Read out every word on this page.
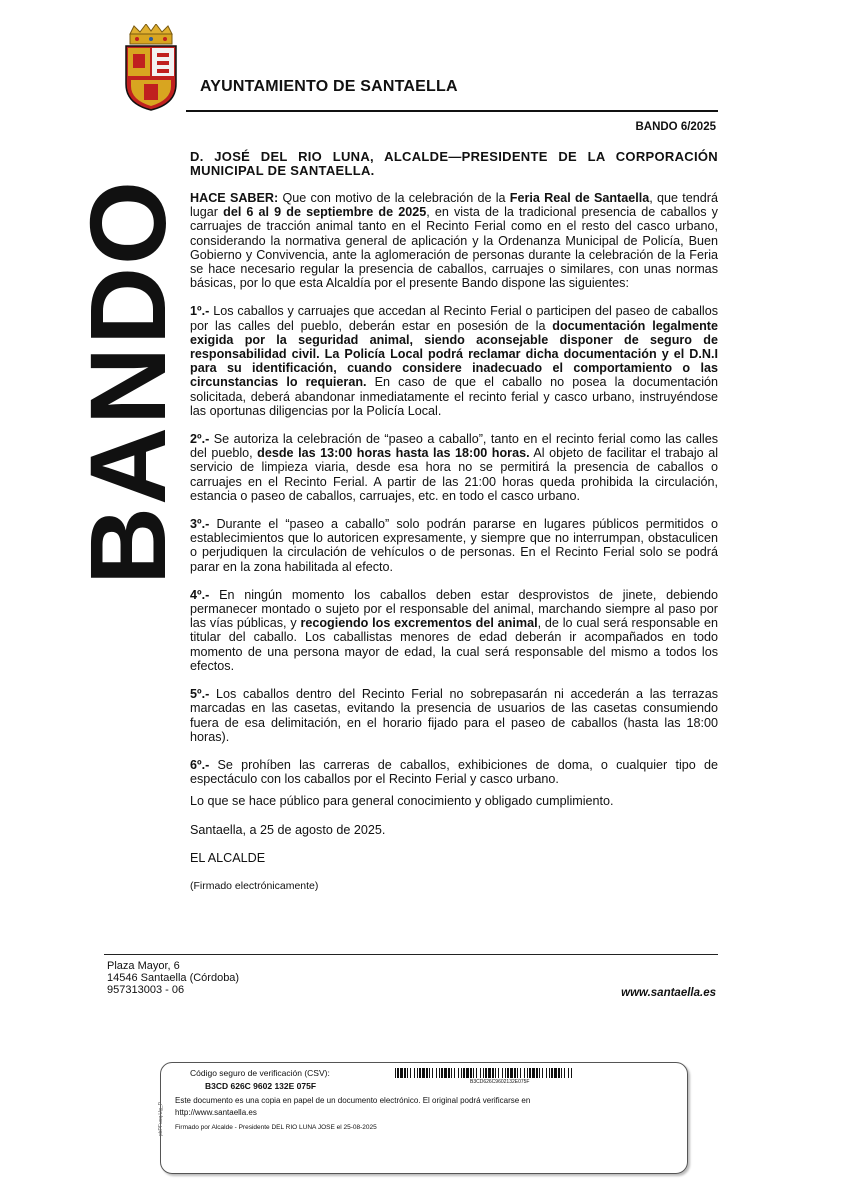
AYUNTAMIENTO DE SANTAELLA
BANDO 6/2025
BANDO

D. JOSÉ DEL RIO LUNA, ALCALDE—PRESIDENTE DE LA CORPORACIÓN MUNICIPAL DE SANTAELLA.

HACE SABER: Que con motivo de la celebración de la Feria Real de Santaella, que tendrá lugar del 6 al 9 de septiembre de 2025, en vista de la tradicional presencia de caballos y carruajes de tracción animal tanto en el Recinto Ferial como en el resto del casco urbano, considerando la normativa general de aplicación y la Ordenanza Municipal de Policía, Buen Gobierno y Convivencia, ante la aglomeración de personas durante la celebración de la Feria se hace necesario regular la presencia de caballos, carruajes o similares, con unas normas básicas, por lo que esta Alcaldía por el presente Bando dispone las siguientes:

1º.- Los caballos y carruajes que accedan al Recinto Ferial o participen del paseo de caballos por las calles del pueblo, deberán estar en posesión de la documentación legalmente exigida por la seguridad animal, siendo aconsejable disponer de seguro de responsabilidad civil. La Policía Local podrá reclamar dicha documentación y el D.N.I para su identificación, cuando considere inadecuado el comportamiento o las circunstancias lo requieran. En caso de que el caballo no posea la documentación solicitada, deberá abandonar inmediatamente el recinto ferial y casco urbano, instruyéndose las oportunas diligencias por la Policía Local.

2º.- Se autoriza la celebración de “paseo a caballo”, tanto en el recinto ferial como las calles del pueblo, desde las 13:00 horas hasta las 18:00 horas. Al objeto de facilitar el trabajo al servicio de limpieza viaria, desde esa hora no se permitirá la presencia de caballos o carruajes en el Recinto Ferial. A partir de las 21:00 horas queda prohibida la circulación, estancia o paseo de caballos, carruajes, etc. en todo el casco urbano.

3º.- Durante el “paseo a caballo” solo podrán pararse en lugares públicos permitidos o establecimientos que lo autoricen expresamente, y siempre que no interrumpan, obstaculicen o perjudiquen la circulación de vehículos o de personas. En el Recinto Ferial solo se podrá parar en la zona habilitada al efecto.

4º.- En ningún momento los caballos deben estar desprovistos de jinete, debiendo permanecer montado o sujeto por el responsable del animal, marchando siempre al paso por las vías públicas, y recogiendo los excrementos del animal, de lo cual será responsable en titular del caballo. Los caballistas menores de edad deberán ir acompañados en todo momento de una persona mayor de edad, la cual será responsable del mismo a todos los efectos.

5º.- Los caballos dentro del Recinto Ferial no sobrepasarán ni accederán a las terrazas marcadas en las casetas, evitando la presencia de usuarios de las casetas consumiendo fuera de esa delimitación, en el horario fijado para el paseo de caballos (hasta las 18:00 horas).

6º.- Se prohíben las carreras de caballos, exhibiciones de doma, o cualquier tipo de espectáculo con los caballos por el Recinto Ferial y casco urbano.

Lo que se hace público para general conocimiento y obligado cumplimiento.

Santaella, a 25 de agosto de 2025.

EL ALCALDE

(Firmado electrónicamente)

Plaza Mayor, 6
14546 Santaella (Córdoba)
957313003 - 06	www.santaella.es
Código seguro de verificación (CSV):
B3CD 626C 9602 132E 075F	B3CD626C9602132E075F
Este documento es una copia en papel de un documento electrónico. El original podrá verificarse en
http://www.santaella.es
Firmado por Alcalde - Presidente DEL RIO LUNA JOSE el 25-08-2025
pbPFusq.Ug_P
